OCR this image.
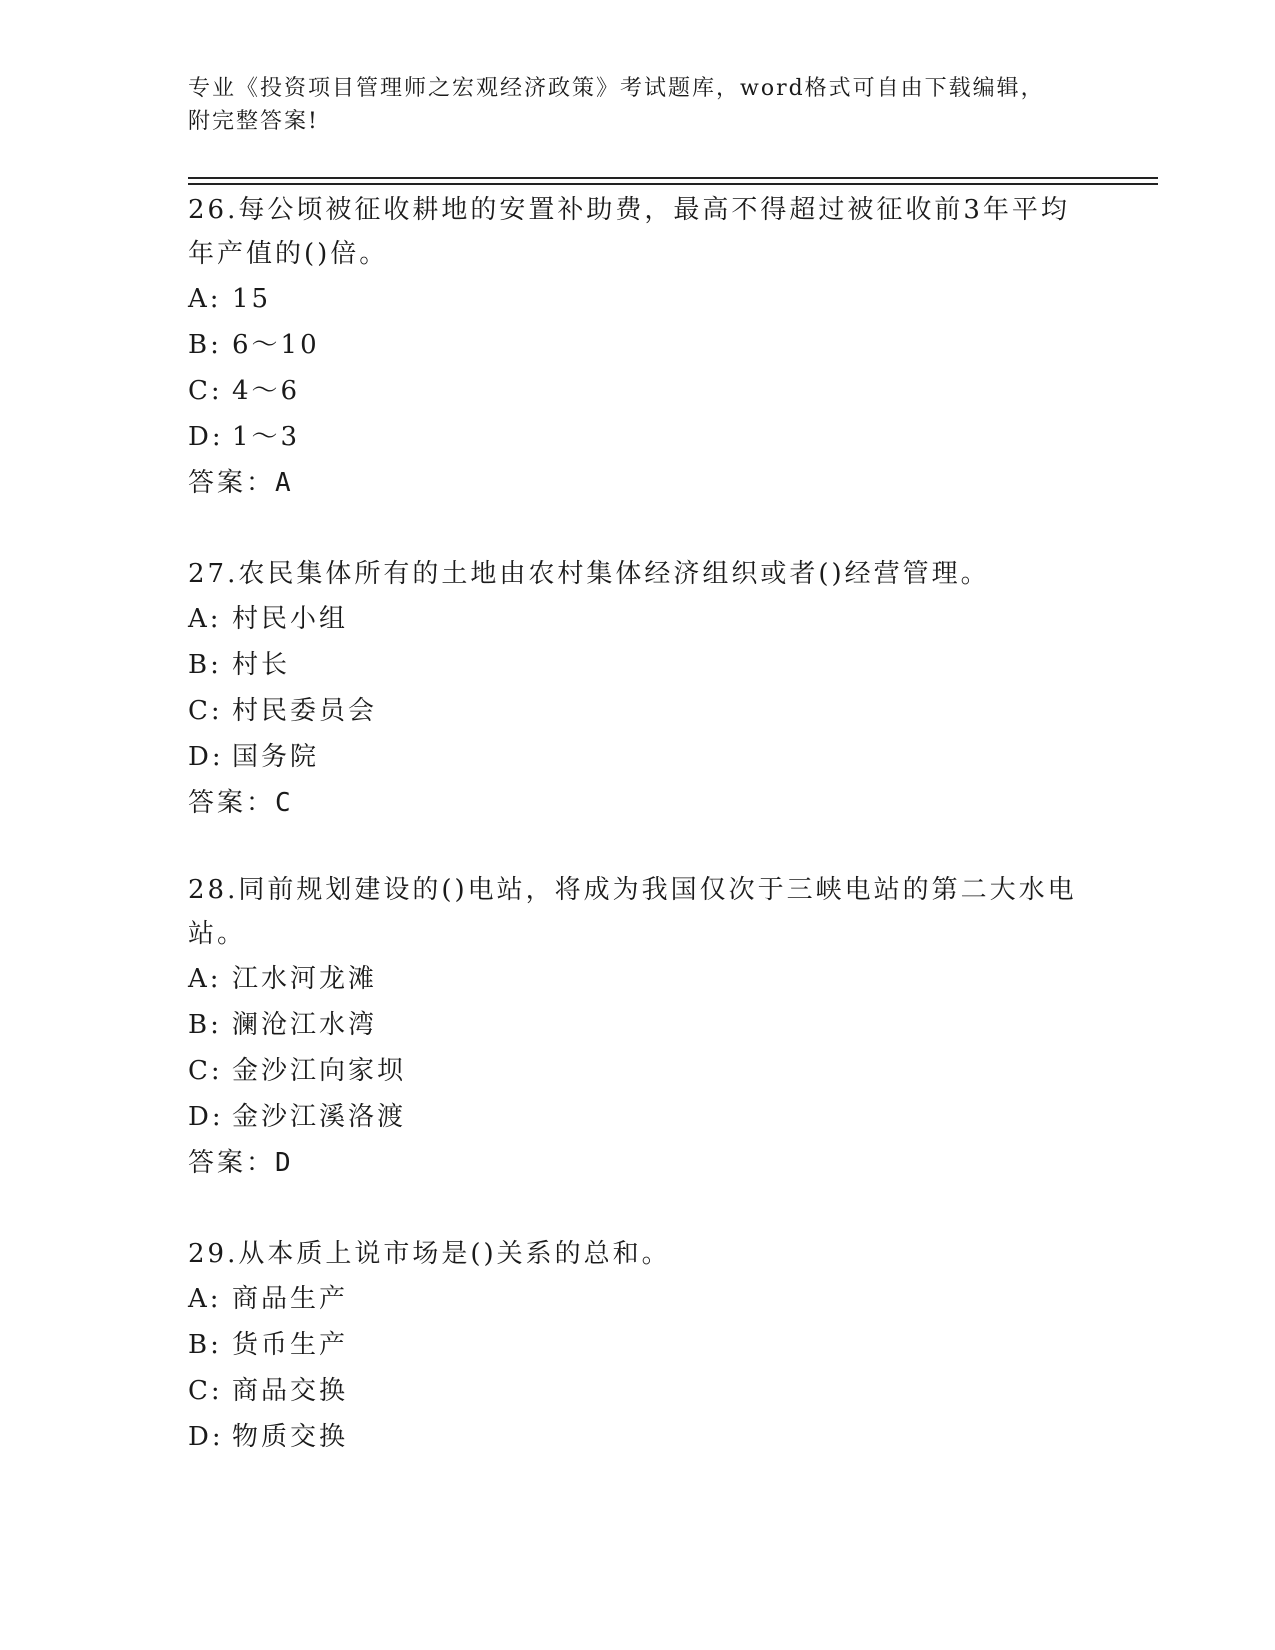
专业《投资项目管理师之宏观经济政策》考试题库，word格式可自由下载编辑，
附完整答案!
26.每公顷被征收耕地的安置补助费，最高不得超过被征收前3年平均
年产值的()倍。
A: 15
B: 6～10
C: 4～6
D: 1～3
答案：A
27.农民集体所有的土地由农村集体经济组织或者()经营管理。
A: 村民小组
B: 村长
C: 村民委员会
D: 国务院
答案：C
28.同前规划建设的()电站，将成为我国仅次于三峡电站的第二大水电
站。
A: 江水河龙滩
B: 澜沧江水湾
C: 金沙江向家坝
D: 金沙江溪洛渡
答案：D
29.从本质上说市场是()关系的总和。
A: 商品生产
B: 货币生产
C: 商品交换
D: 物质交换
